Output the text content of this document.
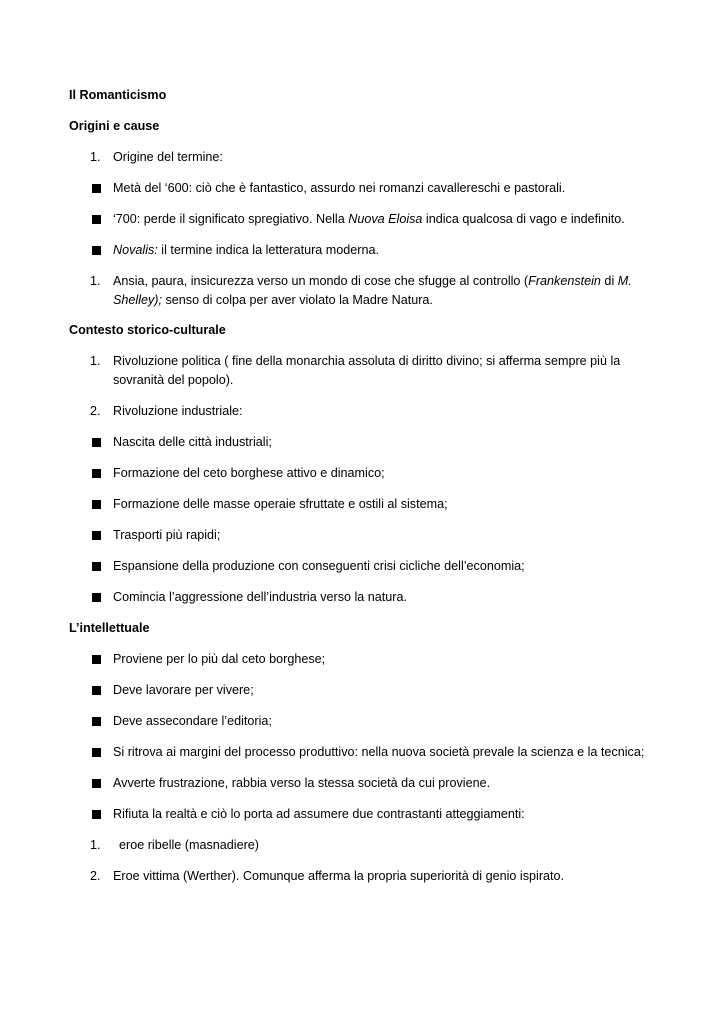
Il Romanticismo
Origini e cause
1. Origine del termine:
Metà del ‘600: ciò che è fantastico, assurdo nei romanzi cavallereschi e pastorali.
‘700: perde il significato spregiativo. Nella Nuova Eloisa indica qualcosa di vago e indefinito.
Novalis: il termine indica la letteratura moderna.
1. Ansia, paura, insicurezza verso un mondo di cose che sfugge al controllo (Frankenstein di M.
Shelley); senso di colpa per aver violato la Madre Natura.
Contesto storico-culturale
1. Rivoluzione politica ( fine della monarchia assoluta di diritto divino; si afferma sempre più la
sovranità del popolo).
2. Rivoluzione industriale:
Nascita delle città industriali;
Formazione del ceto borghese attivo e dinamico;
Formazione delle masse operaie sfruttate e ostili al sistema;
Trasporti più rapidi;
Espansione della produzione con conseguenti crisi cicliche dell’economia;
Comincia l’aggressione dell’industria verso la natura.
L’intellettuale
Proviene per lo più dal ceto borghese;
Deve lavorare per vivere;
Deve assecondare l’editoria;
Si ritrova ai margini del processo produttivo: nella nuova società prevale la scienza e la tecnica;
Avverte frustrazione, rabbia verso la stessa società da cui proviene.
Rifiuta la realtà e ciò lo porta ad assumere due contrastanti atteggiamenti:
1.	eroe ribelle (masnadiere)
2. Eroe vittima (Werther). Comunque afferma la propria superiorità di genio ispirato.
